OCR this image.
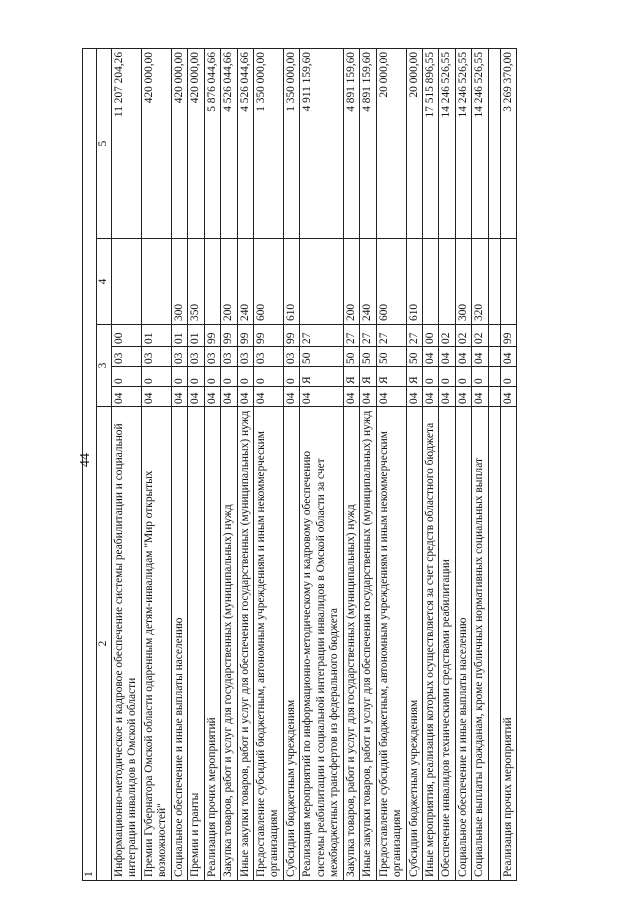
44
1						
2	3				4	5
Информационно-методическое и кадровое обеспечение системы реабилитации и социальной интеграции инвалидов в Омской области	04	0	03	00		11 207 204,26
Премии Губернатора Омской области одаренным детям-инвалидам "Мир открытых возможностей"	04	0	03	01		420 000,00
Социальное обеспечение и иные выплаты населению	04	0	03	01	300	420 000,00
Премии и гранты	04	0	03	01	350	420 000,00
Реализация прочих мероприятий	04	0	03	99		5 876 044,66
Закупка товаров, работ и услуг для государственных (муниципальных) нужд	04	0	03	99	200	4 526 044,66
Иные закупки товаров, работ и услуг для обеспечения государственных (муниципальных) нужд	04	0	03	99	240	4 526 044,66
Предоставление субсидий бюджетным, автономным учреждениям и иным некоммерческим организациям	04	0	03	99	600	1 350 000,00
Субсидии бюджетным учреждениям	04	0	03	99	610	1 350 000,00
Реализация мероприятий по информационно-методическому и кадровому обеспечению системы реабилитации и социальной интеграции инвалидов в Омской области за счет межбюджетных трансфертов из федерального бюджета	04	Я	50	27		4 911 159,60
Закупка товаров, работ и услуг для государственных (муниципальных) нужд	04	Я	50	27	200	4 891 159,60
Иные закупки товаров, работ и услуг для обеспечения государственных (муниципальных) нужд	04	Я	50	27	240	4 891 159,60
Предоставление субсидий бюджетным, автономным учреждениям и иным некоммерческим организациям	04	Я	50	27	600	20 000,00
Субсидии бюджетным учреждениям	04	Я	50	27	610	20 000,00
Иные мероприятия, реализация которых осуществляется за счет средств областного бюджета	04	0	04	00		17 515 896,55
Обеспечение инвалидов техническими средствами реабилитации	04	0	04	02		14 246 526,55
Социальное обеспечение и иные выплаты населению	04	0	04	02	300	14 246 526,55
Социальные выплаты гражданам, кроме публичных нормативных социальных выплат	04	0	04	02	320	14 246 526,55

Реализация прочих мероприятий	04	0	04	99		3 269 370,00
